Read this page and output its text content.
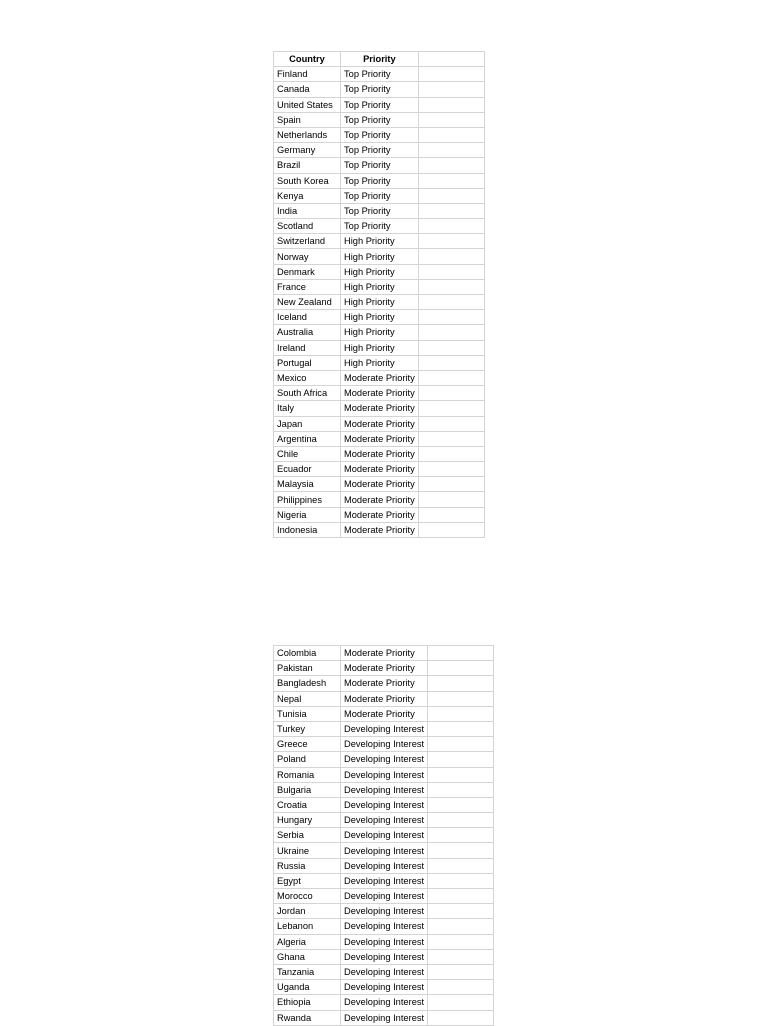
Country	Priority	
Finland	Top Priority	
Canada	Top Priority	
United States	Top Priority	
Spain	Top Priority	
Netherlands	Top Priority	
Germany	Top Priority	
Brazil	Top Priority	
South Korea	Top Priority	
Kenya	Top Priority	
India	Top Priority	
Scotland	Top Priority	
Switzerland	High Priority	
Norway	High Priority	
Denmark	High Priority	
France	High Priority	
New Zealand	High Priority	
Iceland	High Priority	
Australia	High Priority	
Ireland	High Priority	
Portugal	High Priority	
Mexico	Moderate Priority	
South Africa	Moderate Priority	
Italy	Moderate Priority	
Japan	Moderate Priority	
Argentina	Moderate Priority	
Chile	Moderate Priority	
Ecuador	Moderate Priority	
Malaysia	Moderate Priority	
Philippines	Moderate Priority	
Nigeria	Moderate Priority	
Indonesia	Moderate Priority	
Colombia	Moderate Priority	
Pakistan	Moderate Priority	
Bangladesh	Moderate Priority	
Nepal	Moderate Priority	
Tunisia	Moderate Priority	
Turkey	Developing Interest	
Greece	Developing Interest	
Poland	Developing Interest	
Romania	Developing Interest	
Bulgaria	Developing Interest	
Croatia	Developing Interest	
Hungary	Developing Interest	
Serbia	Developing Interest	
Ukraine	Developing Interest	
Russia	Developing Interest	
Egypt	Developing Interest	
Morocco	Developing Interest	
Jordan	Developing Interest	
Lebanon	Developing Interest	
Algeria	Developing Interest	
Ghana	Developing Interest	
Tanzania	Developing Interest	
Uganda	Developing Interest	
Ethiopia	Developing Interest	
Rwanda	Developing Interest	
